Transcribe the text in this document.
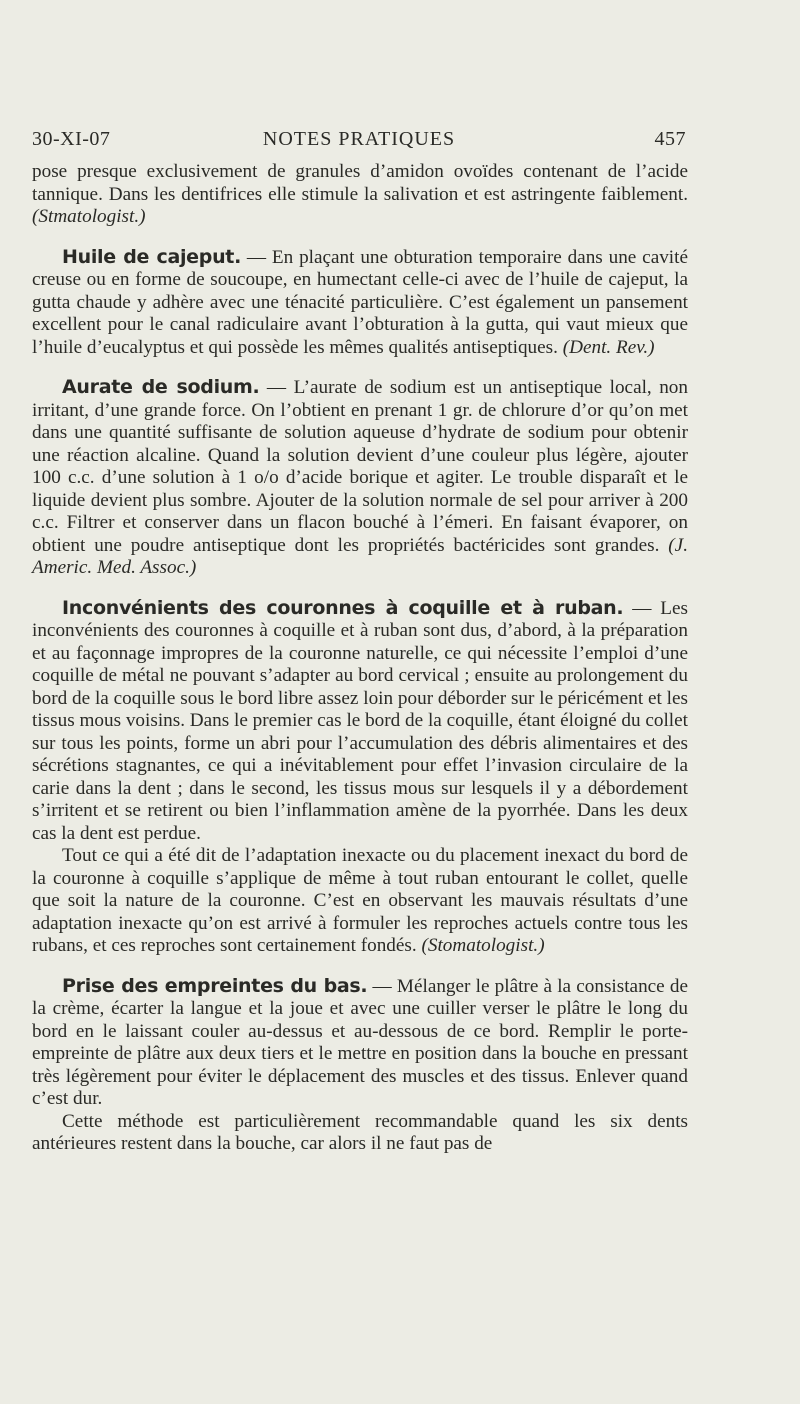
NOTES PRATIQUES
30-XI-07	457

pose presque exclusivement de granules d’amidon ovoïdes contenant de l’acide tannique. Dans les dentifrices elle stimule la salivation et est astringente faiblement. (Stmatologist.)

Huile de cajeput. — En plaçant une obturation temporaire dans une cavité creuse ou en forme de soucoupe, en humectant celle-ci avec de l’huile de cajeput, la gutta chaude y adhère avec une ténacité particulière. C’est également un pansement excellent pour le canal radiculaire avant l’obturation à la gutta, qui vaut mieux que l’huile d’eucalyptus et qui possède les mêmes qualités antiseptiques. (Dent. Rev.)

Aurate de sodium. — L’aurate de sodium est un antiseptique local, non irritant, d’une grande force. On l’obtient en prenant 1 gr. de chlorure d’or qu’on met dans une quantité suffisante de solution aqueuse d’hydrate de sodium pour obtenir une réaction alcaline. Quand la solution devient d’une couleur plus légère, ajouter 100 c.c. d’une solution à 1 o/o d’acide borique et agiter. Le trouble disparaît et le liquide devient plus sombre. Ajouter de la solution normale de sel pour arriver à 200 c.c. Filtrer et conserver dans un flacon bouché à l’émeri. En faisant évaporer, on obtient une poudre antiseptique dont les propriétés bactéricides sont grandes. (J. Americ. Med. Assoc.)

Inconvénients des couronnes à coquille et à ruban. — Les inconvénients des couronnes à coquille et à ruban sont dus, d’abord, à la préparation et au façonnage impropres de la couronne naturelle, ce qui nécessite l’emploi d’une coquille de métal ne pouvant s’adapter au bord cervical ; ensuite au prolongement du bord de la coquille sous le bord libre assez loin pour déborder sur le péricément et les tissus mous voisins. Dans le premier cas le bord de la coquille, étant éloigné du collet sur tous les points, forme un abri pour l’accumulation des débris alimentaires et des sécrétions stagnantes, ce qui a inévitablement pour effet l’invasion circulaire de la carie dans la dent ; dans le second, les tissus mous sur lesquels il y a débordement s’irritent et se retirent ou bien l’inflammation amène de la pyorrhée. Dans les deux cas la dent est perdue.

Tout ce qui a été dit de l’adaptation inexacte ou du placement inexact du bord de la couronne à coquille s’applique de même à tout ruban entourant le collet, quelle que soit la nature de la couronne. C’est en observant les mauvais résultats d’une adaptation inexacte qu’on est arrivé à formuler les reproches actuels contre tous les rubans, et ces reproches sont certainement fondés. (Stomatologist.)

Prise des empreintes du bas. — Mélanger le plâtre à la consistance de la crème, écarter la langue et la joue et avec une cuiller verser le plâtre le long du bord en le laissant couler au-dessus et au-dessous de ce bord. Remplir le porte-empreinte de plâtre aux deux tiers et le mettre en position dans la bouche en pressant très légèrement pour éviter le déplacement des muscles et des tissus. Enlever quand c’est dur.

Cette méthode est particulièrement recommandable quand les six dents antérieures restent dans la bouche, car alors il ne faut pas de
